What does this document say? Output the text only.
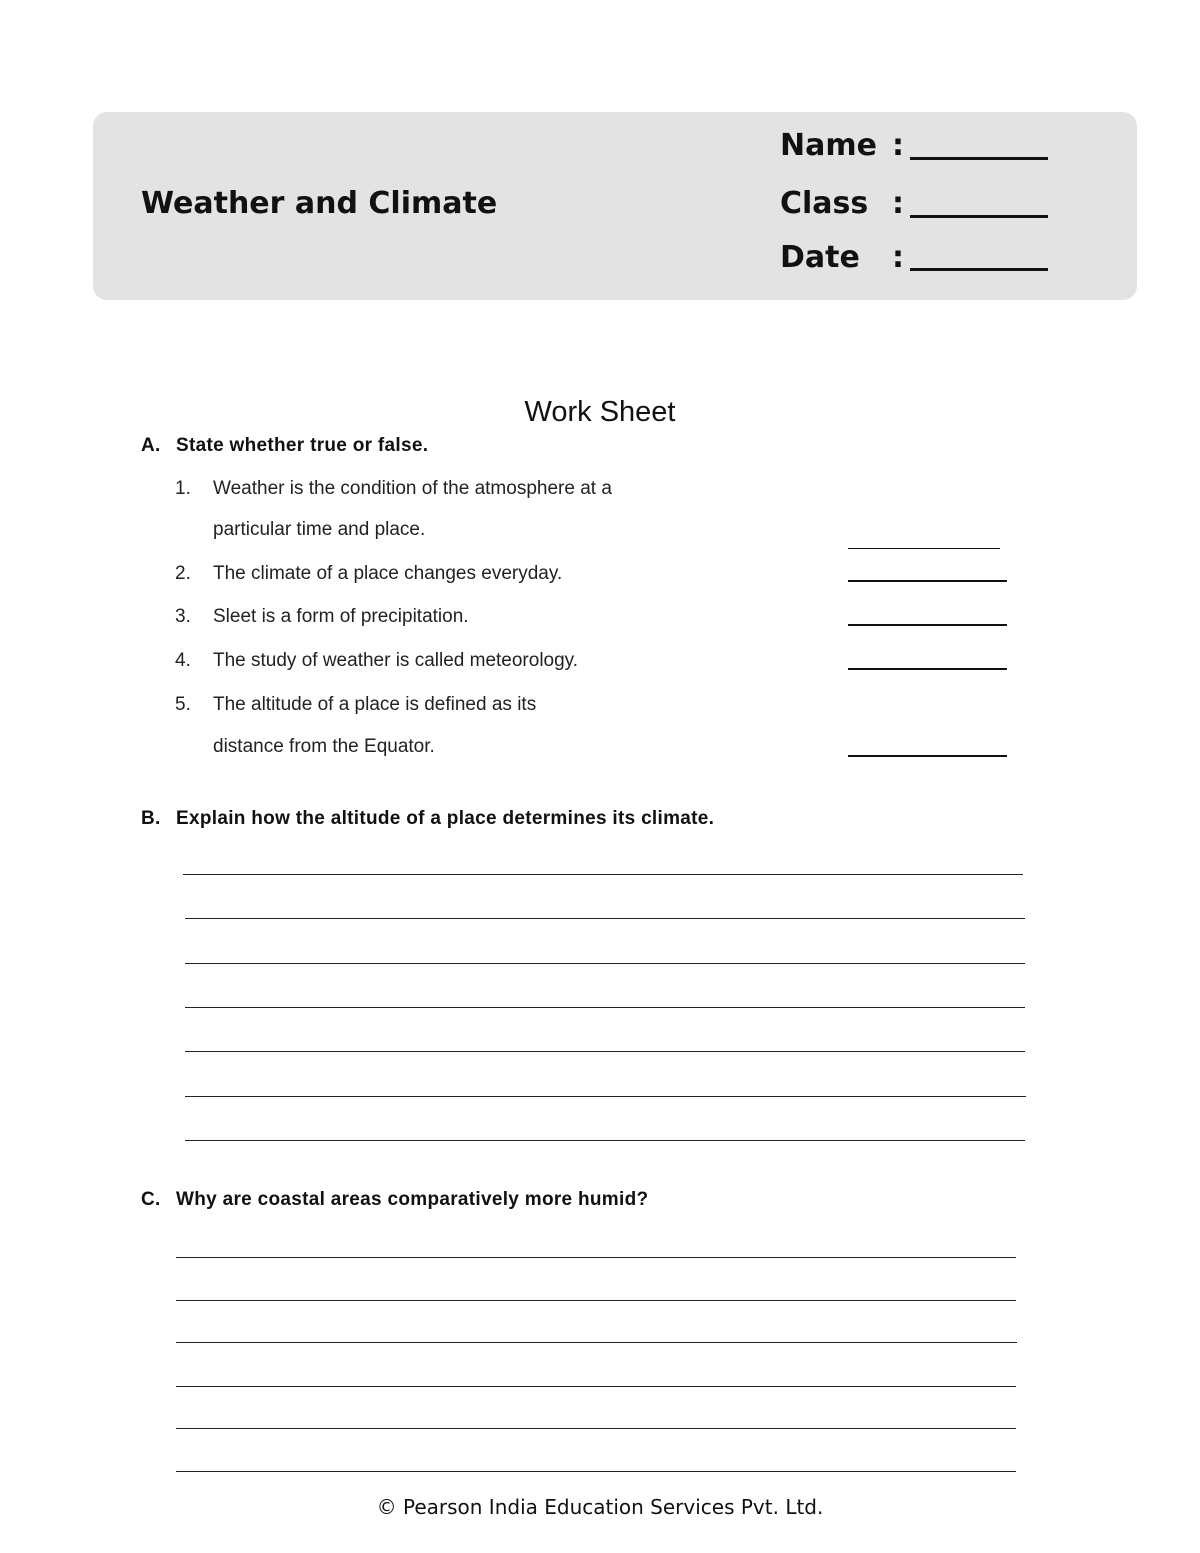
Weather and Climate
Name :
Class :
Date	:
Work Sheet
A. State whether true or false.
1. Weather is the condition of the atmosphere at a
particular time and place.
2. The climate of a place changes everyday.
3. Sleet is a form of precipitation.
4. The study of weather is called meteorology.
5. The altitude of a place is defined as its
distance from the Equator.
B. Explain how the altitude of a place determines its climate.
C. Why are coastal areas comparatively more humid?
© Pearson India Education Services Pvt. Ltd.
